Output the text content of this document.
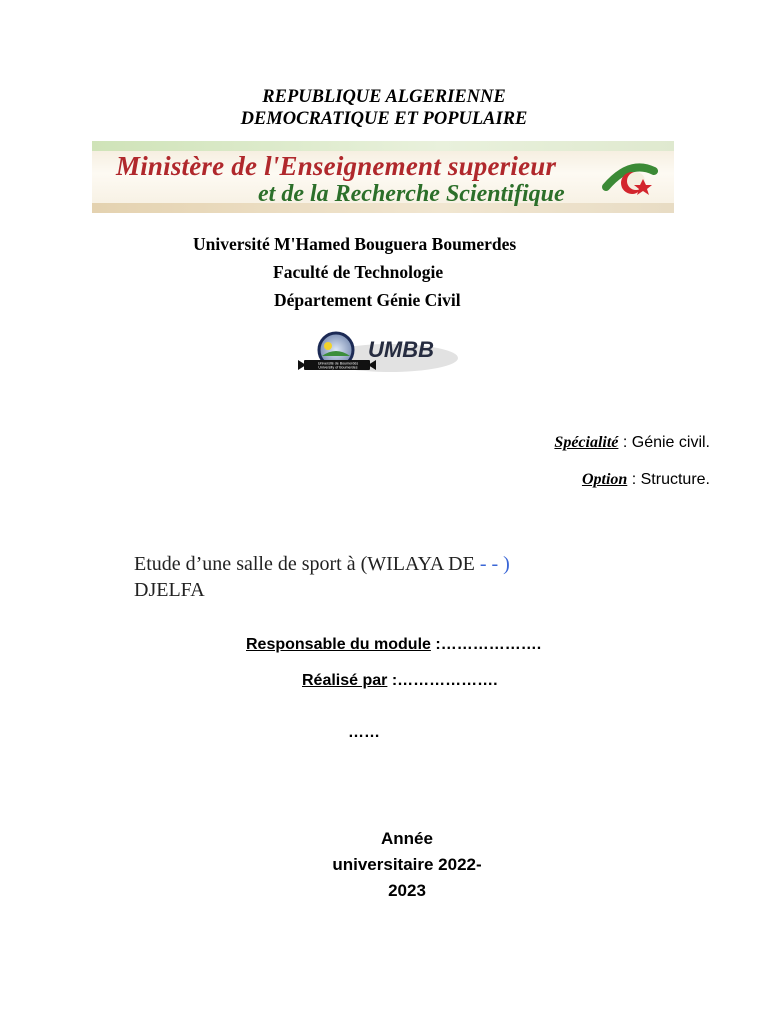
REPUBLIQUE ALGERIENNE
DEMOCRATIQUE ET POPULAIRE
Ministère de l'Enseignement superieur
et de la Recherche Scientifique
Université M'Hamed Bouguera Boumerdes
Faculté de Technologie
Département Génie Civil
Université de Boumerdès
University of Boumerdes
UMBB
Spécialité : Génie civil.
Option : Structure.
Etude d’une salle de sport à (WILAYA DE - - )
DJELFA
Responsable du module :……………….
Réalisé par :……………….
……
Année
universitaire 2022-
2023
